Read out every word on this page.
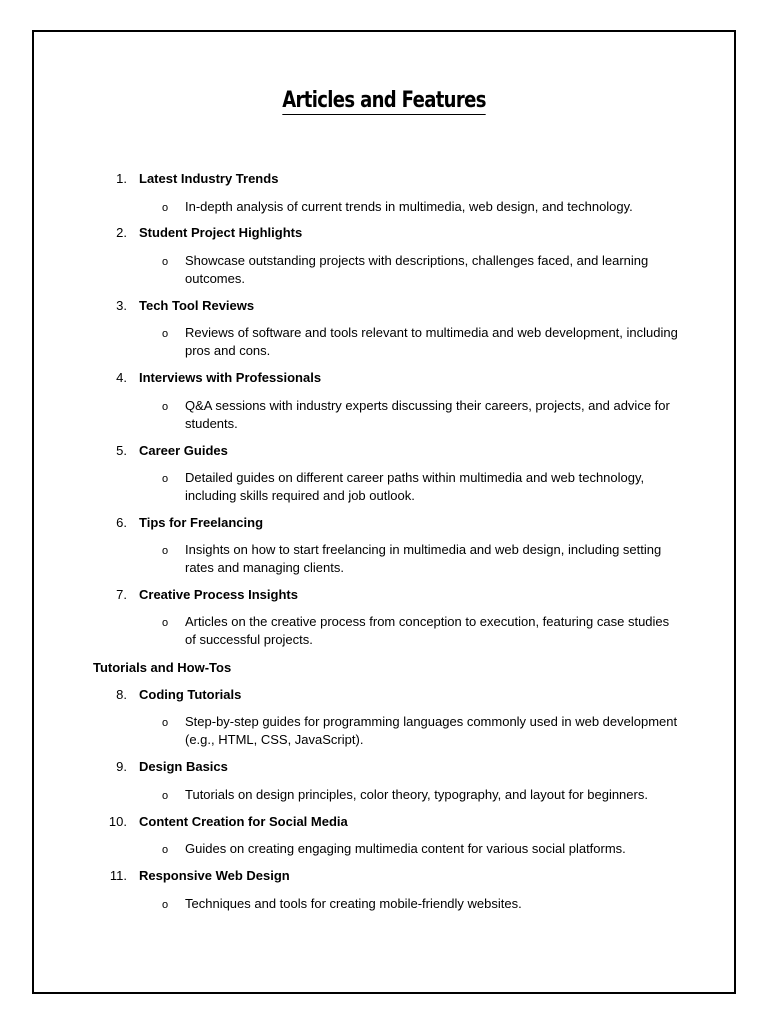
Articles and Features
1. Latest Industry Trends
o In-depth analysis of current trends in multimedia, web design, and technology.
2. Student Project Highlights
o Showcase outstanding projects with descriptions, challenges faced, and learning outcomes.
3. Tech Tool Reviews
o Reviews of software and tools relevant to multimedia and web development, including pros and cons.
4. Interviews with Professionals
o Q&A sessions with industry experts discussing their careers, projects, and advice for students.
5. Career Guides
o Detailed guides on different career paths within multimedia and web technology, including skills required and job outlook.
6. Tips for Freelancing
o Insights on how to start freelancing in multimedia and web design, including setting rates and managing clients.
7. Creative Process Insights
o Articles on the creative process from conception to execution, featuring case studies of successful projects.
Tutorials and How-Tos
8. Coding Tutorials
o Step-by-step guides for programming languages commonly used in web development (e.g., HTML, CSS, JavaScript).
9. Design Basics
o Tutorials on design principles, color theory, typography, and layout for beginners.
10. Content Creation for Social Media
o Guides on creating engaging multimedia content for various social platforms.
11. Responsive Web Design
o Techniques and tools for creating mobile-friendly websites.
